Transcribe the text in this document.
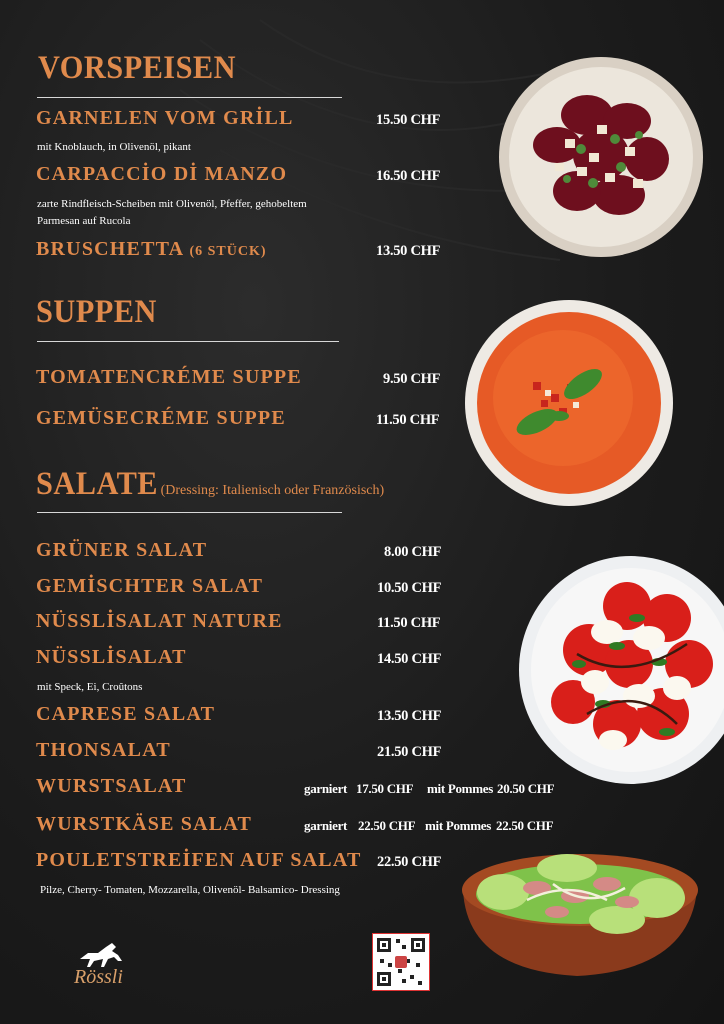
VORSPEISEN
GARNELEN VOM GRİLL	15.50 CHF
mit Knoblauch, in Olivenöl, pikant
CARPACCİO Dİ MANZO	16.50 CHF
zarte Rindfleisch-Scheiben mit Olivenöl, Pfeffer, gehobeltem
Parmesan auf Rucola
BRUSCHETTA (6 STÜCK)	13.50 CHF
SUPPEN
TOMATENCRÉME SUPPE	9.50 CHF
GEMÜSECRÉME SUPPE	11.50 CHF
SALATE (Dressing: Italienisch oder Französisch)
GRÜNER SALAT	8.00 CHF
GEMİSCHTER SALAT	10.50 CHF
NÜSSLİSALAT NATURE	11.50 CHF
NÜSSLİSALAT	14.50 CHF
mit Speck, Ei, Croûtons
CAPRESE SALAT	13.50 CHF
THONSALAT	21.50 CHF
WURSTSALAT	garniert 17.50 CHF mit Pommes 20.50 CHF
WURSTKÄSE SALAT	garniert 22.50 CHF mit Pommes 22.50 CHF
POULETSTREİFEN AUF SALAT 22.50 CHF
Pilze, Cherry- Tomaten, Mozzarella, Olivenöl- Balsamico- Dressing
Rössli
